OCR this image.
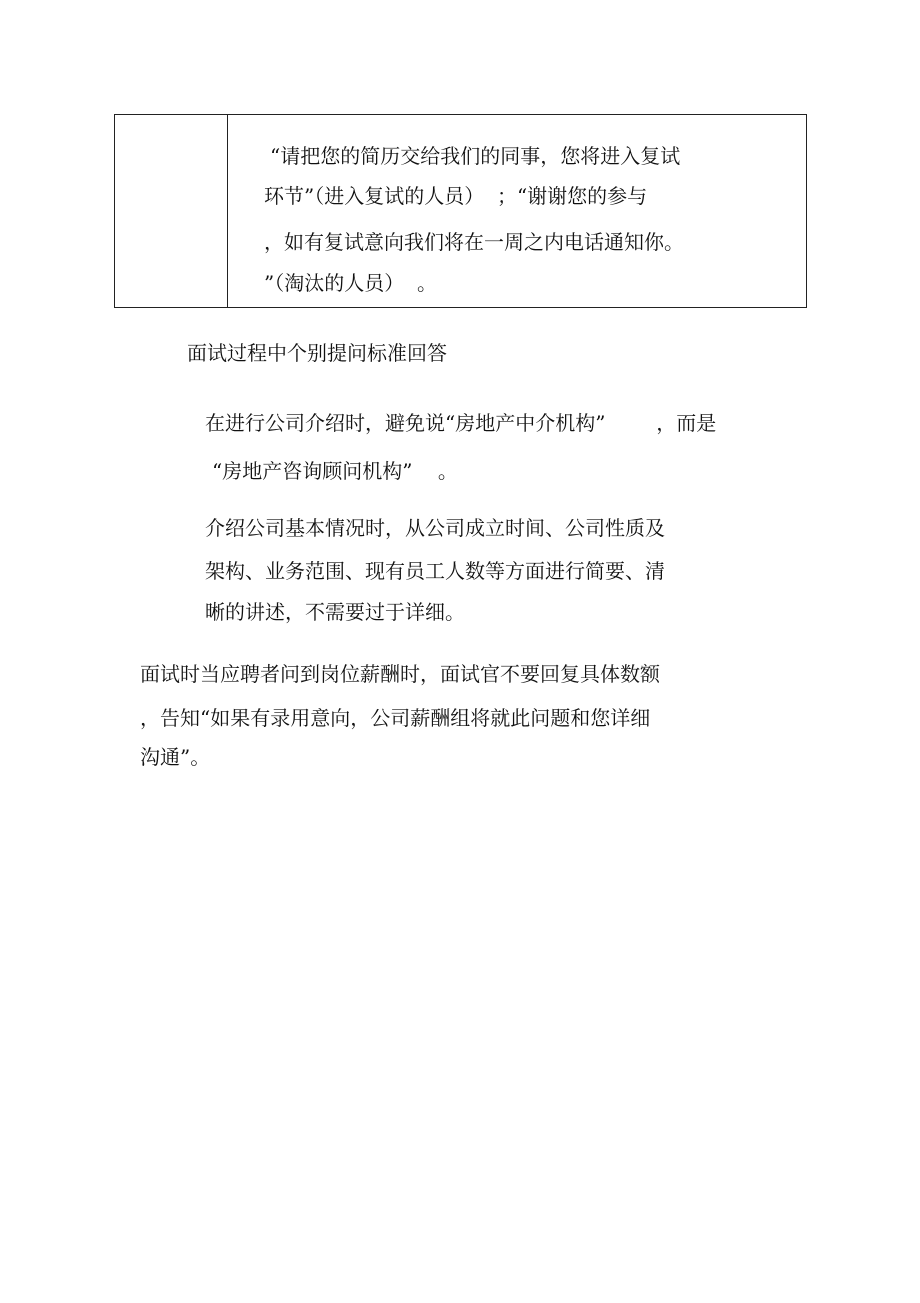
“请把您的简历交给我们的同事，您将进入复试
环节”（进入复试的人员）  ；“谢谢您的参与
，如有复试意向我们将在一周之内电话通知你。
”（淘汰的人员）  。
面试过程中个别提问标准回答
在进行公司介绍时，避免说“房地产中介机构”        ，而是
“房地产咨询顾问机构”    。
介绍公司基本情况时，从公司成立时间、公司性质及
架构、业务范围、现有员工人数等方面进行简要、清
晰的讲述，不需要过于详细。
面试时当应聘者问到岗位薪酬时，面试官不要回复具体数额
，告知“如果有录用意向，公司薪酬组将就此问题和您详细
沟通”。
